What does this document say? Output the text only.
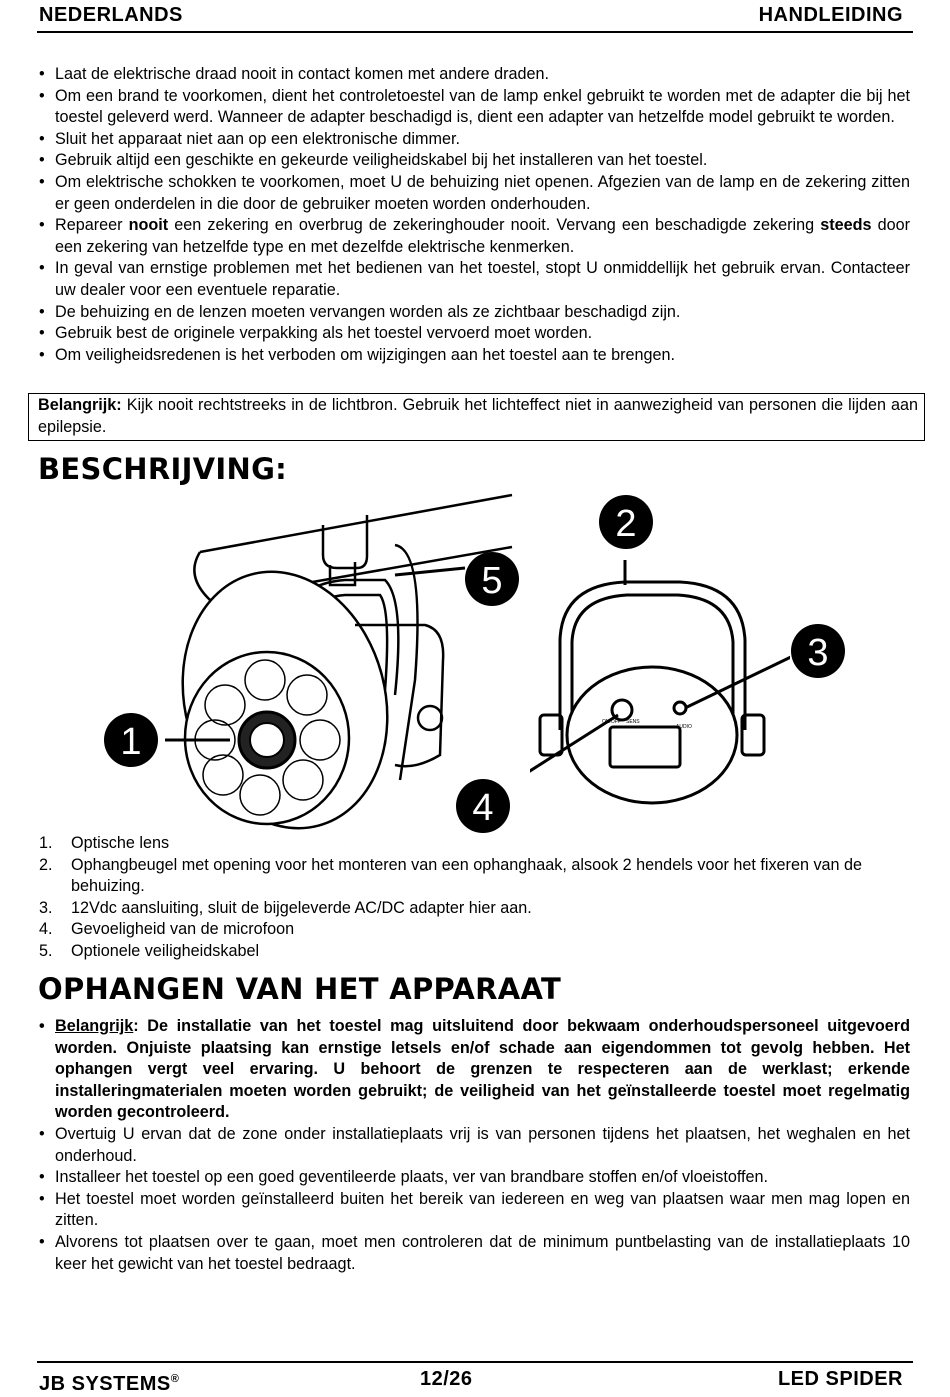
NEDERLANDS	HANDLEIDING
• Laat de elektrische draad nooit in contact komen met andere draden.
• Om een brand te voorkomen, dient het controletoestel van de lamp enkel gebruikt te worden met de adapter die bij het toestel geleverd werd. Wanneer de adapter beschadigd is, dient een adapter van hetzelfde model gebruikt te worden.
• Sluit het apparaat niet aan op een elektronische dimmer.
• Gebruik altijd een geschikte en gekeurde veiligheidskabel bij het installeren van het toestel.
• Om elektrische schokken te voorkomen, moet U de behuizing niet openen. Afgezien van de lamp en de zekering zitten er geen onderdelen in die door de gebruiker moeten worden onderhouden.
• Repareer nooit een zekering en overbrug de zekeringhouder nooit. Vervang een beschadigde zekering steeds door een zekering van hetzelfde type en met dezelfde elektrische kenmerken.
• In geval van ernstige problemen met het bedienen van het toestel, stopt U onmiddellijk het gebruik ervan. Contacteer uw dealer voor een eventuele reparatie.
• De behuizing en de lenzen moeten vervangen worden als ze zichtbaar beschadigd zijn.
• Gebruik best de originele verpakking als het toestel vervoerd moet worden.
• Om veiligheidsredenen is het verboden om wijzigingen aan het toestel aan te brengen.
Belangrijk: Kijk nooit rechtstreeks in de lichtbron. Gebruik het lichteffect niet in aanwezigheid van personen die lijden aan epilepsie.
BESCHRIJVING:
ON/OFF SENS
AUDIO
1
2
3
4
5
1. Optische lens
2. Ophangbeugel met opening voor het monteren van een ophanghaak, alsook 2 hendels voor het fixeren van de behuizing.
3. 12Vdc aansluiting, sluit de bijgeleverde AC/DC adapter hier aan.
4. Gevoeligheid van de microfoon
5. Optionele veiligheidskabel
OPHANGEN VAN HET APPARAAT
• Belangrijk: De installatie van het toestel mag uitsluitend door bekwaam onderhoudspersoneel uitgevoerd worden. Onjuiste plaatsing kan ernstige letsels en/of schade aan eigendommen tot gevolg hebben. Het ophangen vergt veel ervaring. U behoort de grenzen te respecteren aan de werklast; erkende installeringmaterialen moeten worden gebruikt; de veiligheid van het geïnstalleerde toestel moet regelmatig worden gecontroleerd.
• Overtuig U ervan dat de zone onder installatieplaats vrij is van personen tijdens het plaatsen, het weghalen en het onderhoud.
• Installeer het toestel op een goed geventileerde plaats, ver van brandbare stoffen en/of vloeistoffen.
• Het toestel moet worden geïnstalleerd buiten het bereik van iedereen en weg van plaatsen waar men mag lopen en zitten.
• Alvorens tot plaatsen over te gaan, moet men controleren dat de minimum puntbelasting van de installatieplaats 10 keer het gewicht van het toestel bedraagt.
JB SYSTEMS®	12/26	LED SPIDER
